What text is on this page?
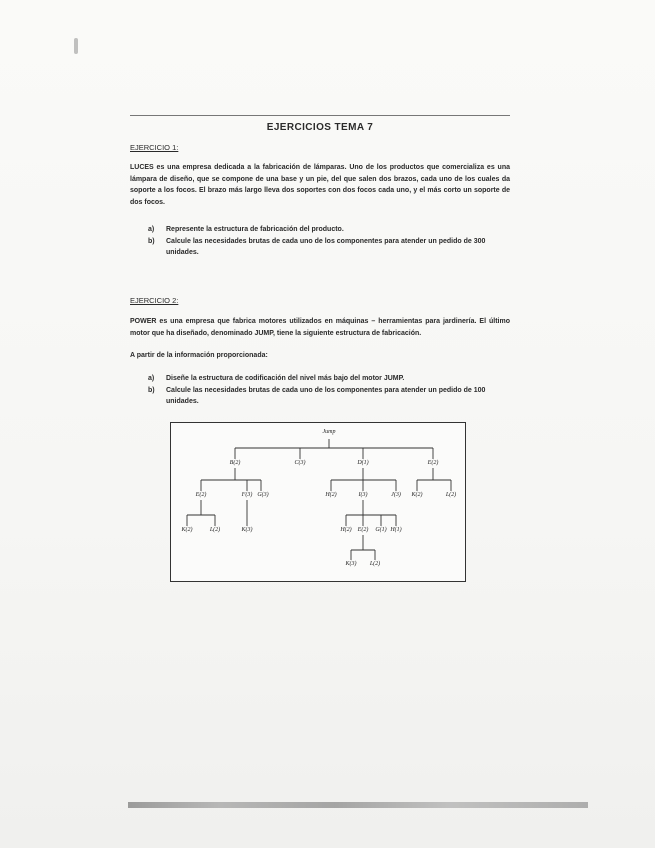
EJERCICIOS TEMA 7
EJERCICIO 1:

LUCES es una empresa dedicada a la fabricación de lámparas. Uno de los productos que comercializa es una lámpara de diseño, que se compone de una base y un pie, del que salen dos brazos, cada uno de los cuales da soporte a los focos. El brazo más largo lleva dos soportes con dos focos cada uno, y el más corto un soporte de dos focos.

a)	Represente la estructura de fabricación del producto.
b)	Calcule las necesidades brutas de cada uno de los componentes para atender un pedido de 300 unidades.
EJERCICIO 2:

POWER es una empresa que fabrica motores utilizados en máquinas – herramientas para jardinería. El último motor que ha diseñado, denominado JUMP, tiene la siguiente estructura de fabricación.

A partir de la información proporcionada:

a)	Diseñe la estructura de codificación del nivel más bajo del motor JUMP.
b)	Calcule las necesidades brutas de cada uno de los componentes para atender un pedido de 100 unidades.
Jump
B(2)	C(3)	D(1)	E(2)
E(2)	F(3) G(3)	H(2)	I(3)	J(3) K(2)	L(2)
K(2)	L(2)	K(3)	H(2) E(2) G(1) H(1)
K(3) L(2)
